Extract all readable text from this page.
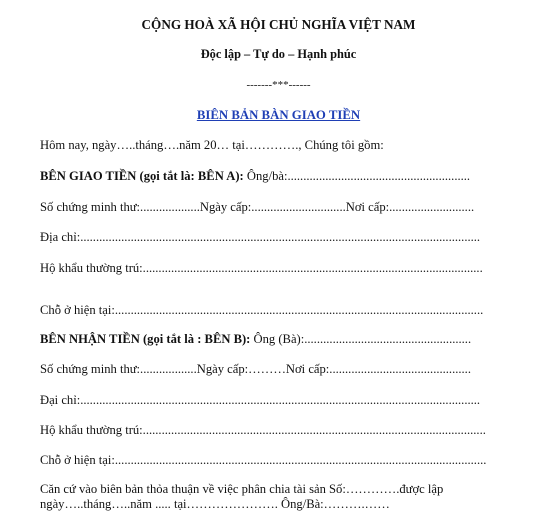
CỘNG HOÀ XÃ HỘI CHỦ NGHĨA VIỆT NAM
Độc lập – Tự do – Hạnh phúc
-------***------
BIÊN BẢN BÀN GIAO TIỀN
Hôm nay, ngày…..tháng….năm 20… tại…………., Chúng tôi gồm:
BÊN GIAO TIỀN (gọi tắt là: BÊN A): Ông/bà:..........................................................
Số chứng minh thư:...................Ngày cấp:..............................Nơi cấp:...........................
Địa chỉ:...............................................................................................................................
Hộ khẩu thường trú:............................................................................................................
Chỗ ở hiện tại:.....................................................................................................................
BÊN NHẬN TIỀN (gọi tắt là : BÊN B): Ông (Bà):.....................................................
Số chứng minh thư:..................Ngày cấp:………Nơi cấp:.............................................
Đại chỉ:...............................................................................................................................
Hộ khẩu thường trú:.............................................................................................................
Chỗ ở hiện tại:......................................................................................................................
Căn cứ vào biên bản thỏa thuận về việc phân chia tài sản Số:………….được lập
ngày…..tháng…..năm ..... tại…………………. Ông/Bà:……….……
